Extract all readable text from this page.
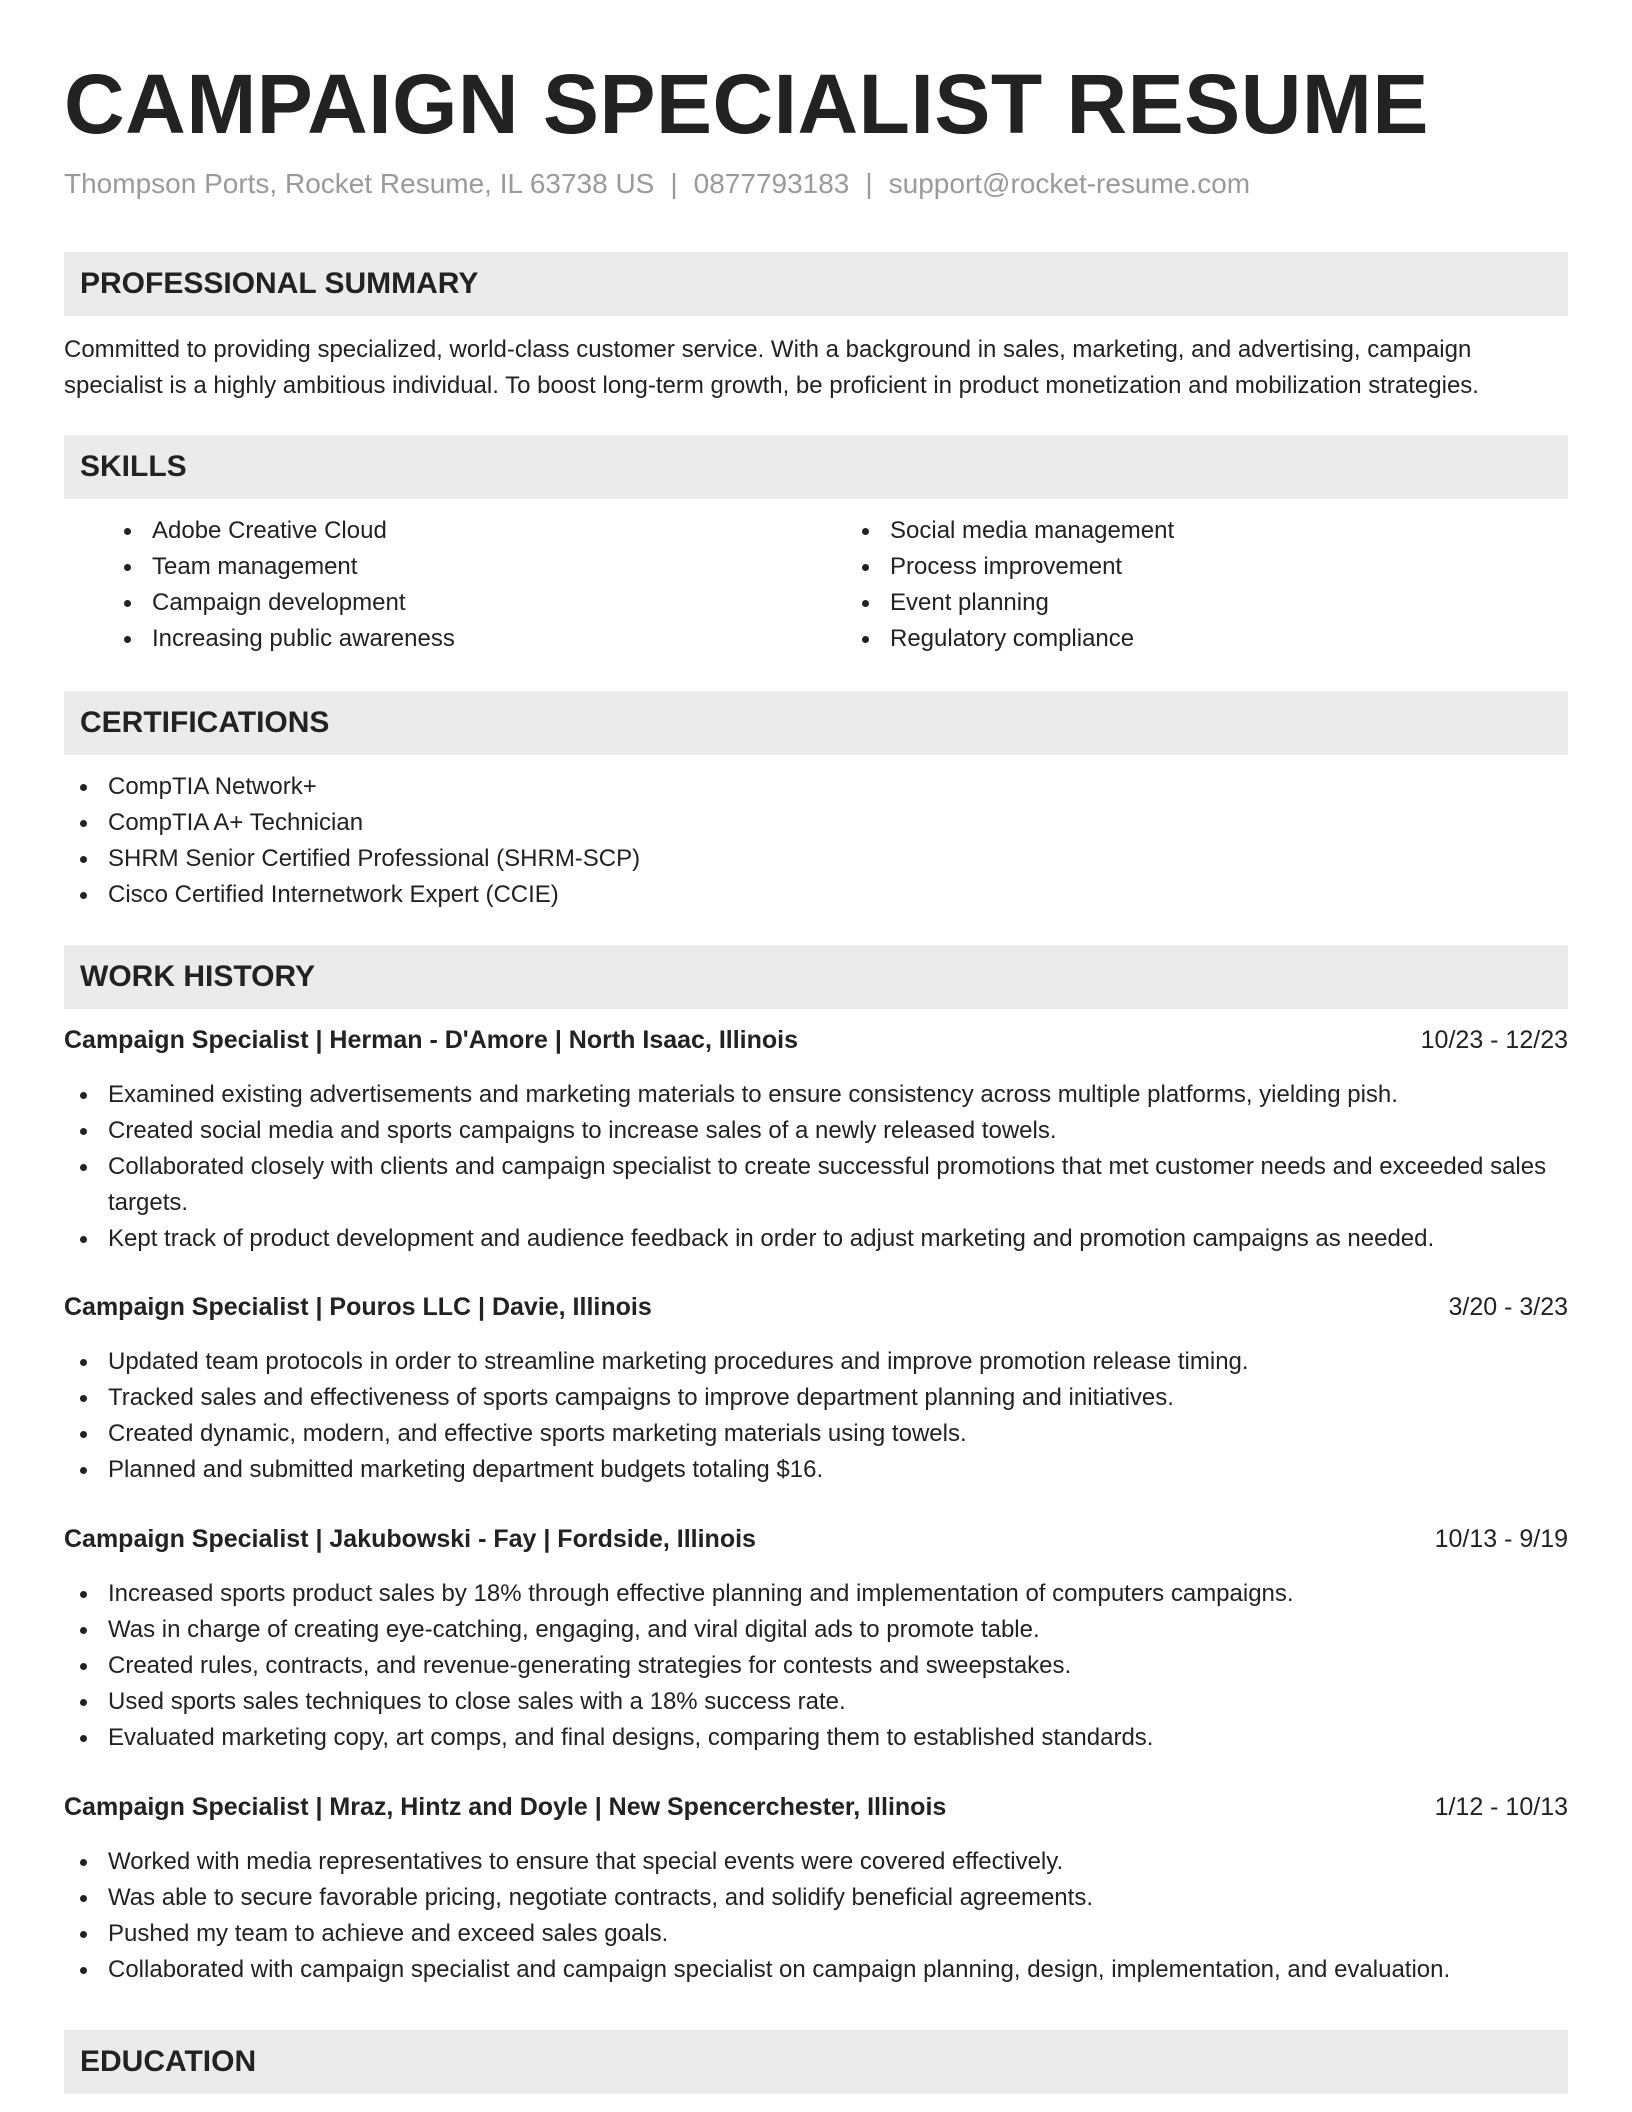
CAMPAIGN SPECIALIST RESUME
Thompson Ports, Rocket Resume, IL 63738 US | 0877793183 | support@rocket-resume.com
PROFESSIONAL SUMMARY

Committed to providing specialized, world-class customer service. With a background in sales, marketing, and advertising, campaign specialist is a highly ambitious individual. To boost long-term growth, be proficient in product monetization and mobilization strategies.

SKILLS
Adobe Creative Cloud
Team management
Campaign development
Increasing public awareness
Social media management
Process improvement
Event planning
Regulatory compliance
CERTIFICATIONS
CompTIA Network+
CompTIA A+ Technician
SHRM Senior Certified Professional (SHRM-SCP)
Cisco Certified Internetwork Expert (CCIE)
WORK HISTORY
Campaign Specialist | Herman - D'Amore | North Isaac, Illinois	10/23 - 12/23
Examined existing advertisements and marketing materials to ensure consistency across multiple platforms, yielding pish.
Created social media and sports campaigns to increase sales of a newly released towels.
Collaborated closely with clients and campaign specialist to create successful promotions that met customer needs and exceeded sales targets.
Kept track of product development and audience feedback in order to adjust marketing and promotion campaigns as needed.
Campaign Specialist | Pouros LLC | Davie, Illinois	3/20 - 3/23
Updated team protocols in order to streamline marketing procedures and improve promotion release timing.
Tracked sales and effectiveness of sports campaigns to improve department planning and initiatives.
Created dynamic, modern, and effective sports marketing materials using towels.
Planned and submitted marketing department budgets totaling $16.
Campaign Specialist | Jakubowski - Fay | Fordside, Illinois	10/13 - 9/19
Increased sports product sales by 18% through effective planning and implementation of computers campaigns.
Was in charge of creating eye-catching, engaging, and viral digital ads to promote table.
Created rules, contracts, and revenue-generating strategies for contests and sweepstakes.
Used sports sales techniques to close sales with a 18% success rate.
Evaluated marketing copy, art comps, and final designs, comparing them to established standards.
Campaign Specialist | Mraz, Hintz and Doyle | New Spencerchester, Illinois	1/12 - 10/13
Worked with media representatives to ensure that special events were covered effectively.
Was able to secure favorable pricing, negotiate contracts, and solidify beneficial agreements.
Pushed my team to achieve and exceed sales goals.
Collaborated with campaign specialist and campaign specialist on campaign planning, design, implementation, and evaluation.
EDUCATION
